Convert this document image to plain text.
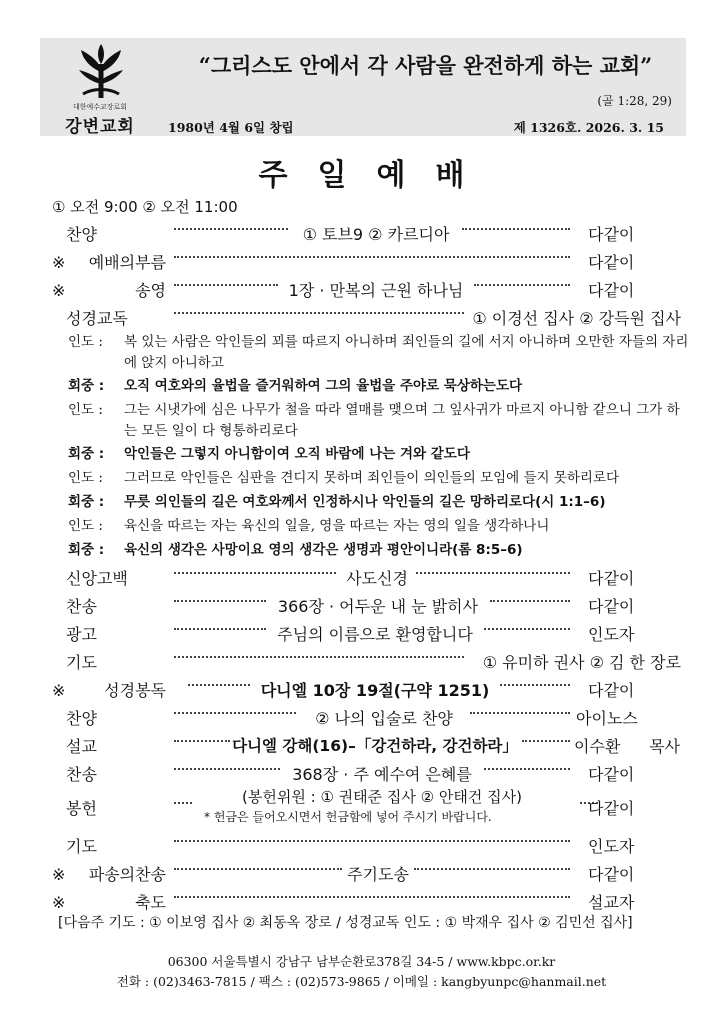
대한예수교장로회
강변교회
“그리스도 안에서 각 사람을 완전하게 하는 교회”
(골 1:28, 29)
1980년 4월 6일 창립	제 1326호. 2026. 3. 15
주일예배
① 오전 9:00 ② 오전 11:00
찬양	① 토브9 ② 카르디아	다같이
※예배의부름	다같이
※송영	1장 · 만복의 근원 하나님	다같이
성경교독	① 이경선 집사 ② 강득원 집사
인도 : 복 있는 사람은 악인들의 꾀를 따르지 아니하며 죄인들의 길에 서지 아니하며 오만한 자들의 자리에 앉지 아니하고
회중 : 오직 여호와의 율법을 즐거워하여 그의 율법을 주야로 묵상하는도다
인도 : 그는 시냇가에 심은 나무가 철을 따라 열매를 맺으며 그 잎사귀가 마르지 아니함 같으니 그가 하는 모든 일이 다 형통하리로다
회중 : 악인들은 그렇지 아니함이여 오직 바람에 나는 겨와 같도다
인도 : 그러므로 악인들은 심판을 견디지 못하며 죄인들이 의인들의 모임에 들지 못하리로다
회중 : 무릇 의인들의 길은 여호와께서 인정하시나 악인들의 길은 망하리로다(시 1:1–6)
인도 : 육신을 따르는 자는 육신의 일을, 영을 따르는 자는 영의 일을 생각하나니
회중 : 육신의 생각은 사망이요 영의 생각은 생명과 평안이니라(롬 8:5–6)
신앙고백	사도신경	다같이
찬송	366장 · 어두운 내 눈 밝히사	다같이
광고	주님의 이름으로 환영합니다	인도자
기도	① 유미하 권사 ② 김 한 장로
※성경봉독	다니엘 10장 19절(구약 1251)	다같이
찬양	② 나의 입술로 찬양	아이노스
설교	다니엘 강해(16)–「강건하라, 강건하라」	이수환 목사
찬송	368장 · 주 예수여 은혜를	다같이
봉헌	다같이
(봉헌위원 : ① 권태준 집사 ② 안태건 집사)
* 헌금은 들어오시면서 헌금함에 넣어 주시기 바랍니다.
기도	인도자
※파송의찬송	주기도송	다같이
※축도	설교자
[다음주 기도 : ① 이보영 집사 ② 최동옥 장로 / 성경교독 인도 : ① 박재우 집사 ② 김민선 집사]
06300 서울특별시 강남구 남부순환로378길 34-5 / www.kbpc.or.kr
전화 : (02)3463-7815 / 팩스 : (02)573-9865 / 이메일 : kangbyunpc@hanmail.net
